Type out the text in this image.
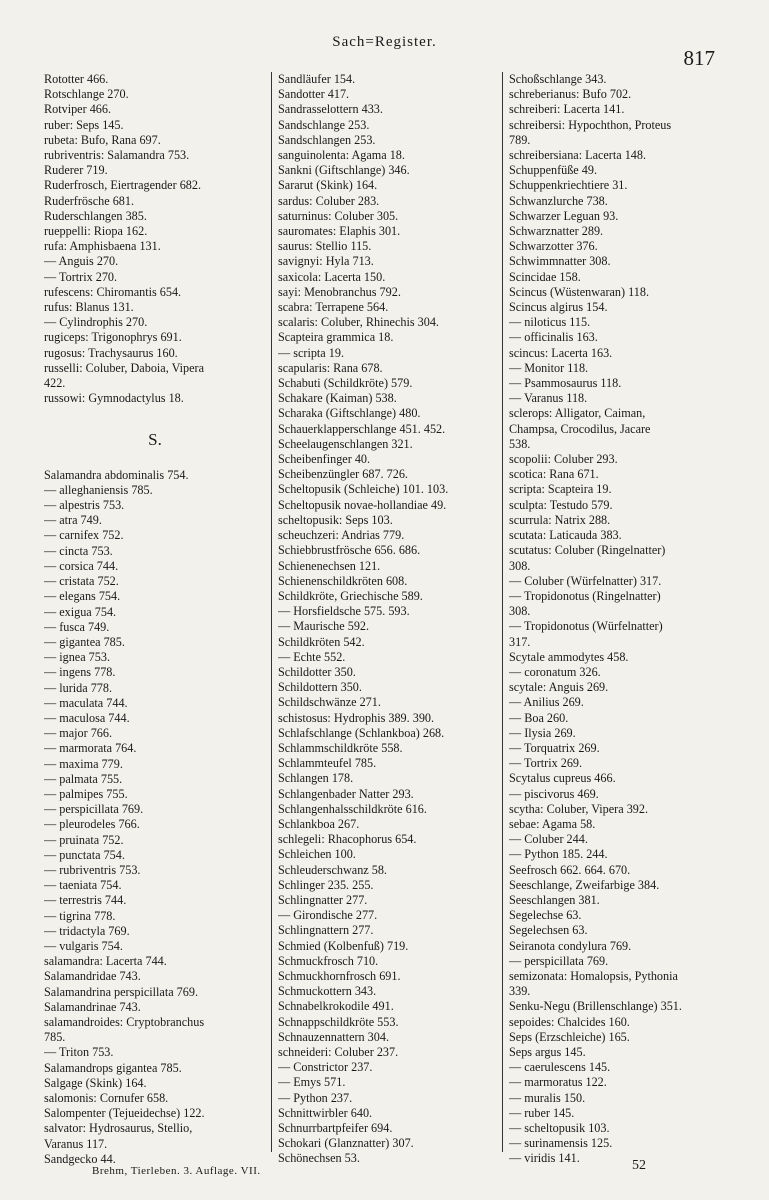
Sach=Register.
817
Rototter 466.
Rotschlange 270.
Rotviper 466.
ruber: Seps 145.
rubeta: Bufo, Rana 697.
rubriventris: Salamandra 753.
Ruderer 719.
Ruderfrosch, Eiertragender 682.
Ruderfrösche 681.
Ruderschlangen 385.
rueppelli: Riopa 162.
rufa: Amphisbaena 131.
— Anguis 270.
— Tortrix 270.
rufescens: Chiromantis 654.
rufus: Blanus 131.
— Cylindrophis 270.
rugiceps: Trigonophrys 691.
rugosus: Trachysaurus 160.
russelli: Coluber, Daboia, Vipera
422.
russowi: Gymnodactylus 18.
S.
Salamandra abdominalis 754.
— alleghaniensis 785.
— alpestris 753.
— atra 749.
— carnifex 752.
— cincta 753.
— corsica 744.
— cristata 752.
— elegans 754.
— exigua 754.
— fusca 749.
— gigantea 785.
— ignea 753.
— ingens 778.
— lurida 778.
— maculata 744.
— maculosa 744.
— major 766.
— marmorata 764.
— maxima 779.
— palmata 755.
— palmipes 755.
— perspicillata 769.
— pleurodeles 766.
— pruinata 752.
— punctata 754.
— rubriventris 753.
— taeniata 754.
— terrestris 744.
— tigrina 778.
— tridactyla 769.
— vulgaris 754.
salamandra: Lacerta 744.
Salamandridae 743.
Salamandrina perspicillata 769.
Salamandrinae 743.
salamandroides: Cryptobranchus
785.
— Triton 753.
Salamandrops gigantea 785.
Salgage (Skink) 164.
salomonis: Cornufer 658.
Salompenter (Tejueidechse) 122.
salvator: Hydrosaurus, Stellio,
Varanus 117.
Sandgecko 44.
Sandläufer 154.
Sandotter 417.
Sandrasselottern 433.
Sandschlange 253.
Sandschlangen 253.
sanguinolenta: Agama 18.
Sankni (Giftschlange) 346.
Sararut (Skink) 164.
sardus: Coluber 283.
saturninus: Coluber 305.
sauromates: Elaphis 301.
saurus: Stellio 115.
savignyi: Hyla 713.
saxicola: Lacerta 150.
sayi: Menobranchus 792.
scabra: Terrapene 564.
scalaris: Coluber, Rhinechis 304.
Scapteira grammica 18.
— scripta 19.
scapularis: Rana 678.
Schabuti (Schildkröte) 579.
Schakare (Kaiman) 538.
Scharaka (Giftschlange) 480.
Schauerklapperschlange 451. 452.
Scheelaugenschlangen 321.
Scheibenfinger 40.
Scheibenzüngler 687. 726.
Scheltopusik (Schleiche) 101. 103.
Scheltopusik novae-hollandiae 49.
scheltopusik: Seps 103.
scheuchzeri: Andrias 779.
Schiebbrustfrösche 656. 686.
Schienenechsen 121.
Schienenschildkröten 608.
Schildkröte, Griechische 589.
— Horsfieldsche 575. 593.
— Maurische 592.
Schildkröten 542.
— Echte 552.
Schildotter 350.
Schildottern 350.
Schildschwänze 271.
schistosus: Hydrophis 389. 390.
Schlafschlange (Schlankboa) 268.
Schlammschildkröte 558.
Schlammteufel 785.
Schlangen 178.
Schlangenbader Natter 293.
Schlangenhalsschildkröte 616.
Schlankboa 267.
schlegeli: Rhacophorus 654.
Schleichen 100.
Schleuderschwanz 58.
Schlinger 235. 255.
Schlingnatter 277.
— Girondische 277.
Schlingnattern 277.
Schmied (Kolbenfuß) 719.
Schmuckfrosch 710.
Schmuckhornfrosch 691.
Schmuckottern 343.
Schnabelkrokodile 491.
Schnappschildkröte 553.
Schnauzennattern 304.
schneideri: Coluber 237.
— Constrictor 237.
— Emys 571.
— Python 237.
Schnittwirbler 640.
Schnurrbartpfeifer 694.
Schokari (Glanznatter) 307.
Schönechsen 53.
Schoßschlange 343.
schreberianus: Bufo 702.
schreiberi: Lacerta 141.
schreibersi: Hypochthon, Proteus
789.
schreibersiana: Lacerta 148.
Schuppenfüße 49.
Schuppenkriechtiere 31.
Schwanzlurche 738.
Schwarzer Leguan 93.
Schwarznatter 289.
Schwarzotter 376.
Schwimmnatter 308.
Scincidae 158.
Scincus (Wüstenwaran) 118.
Scincus algirus 154.
— niloticus 115.
— officinalis 163.
scincus: Lacerta 163.
— Monitor 118.
— Psammosaurus 118.
— Varanus 118.
sclerops: Alligator, Caiman,
Champsa, Crocodilus, Jacare
538.
scopolii: Coluber 293.
scotica: Rana 671.
scripta: Scapteira 19.
sculpta: Testudo 579.
scurrula: Natrix 288.
scutata: Laticauda 383.
scutatus: Coluber (Ringelnatter)
308.
— Coluber (Würfelnatter) 317.
— Tropidonotus (Ringelnatter)
308.
— Tropidonotus (Würfelnatter)
317.
Scytale ammodytes 458.
— coronatum 326.
scytale: Anguis 269.
— Anilius 269.
— Boa 260.
— Ilysia 269.
— Torquatrix 269.
— Tortrix 269.
Scytalus cupreus 466.
— piscivorus 469.
scytha: Coluber, Vipera 392.
sebae: Agama 58.
— Coluber 244.
— Python 185. 244.
Seefrosch 662. 664. 670.
Seeschlange, Zweifarbige 384.
Seeschlangen 381.
Segelechse 63.
Segelechsen 63.
Seiranota condylura 769.
— perspicillata 769.
semizonata: Homalopsis, Pythonia
339.
Senku-Negu (Brillenschlange) 351.
sepoides: Chalcides 160.
Seps (Erzschleiche) 165.
Seps argus 145.
— caerulescens 145.
— marmoratus 122.
— muralis 150.
— ruber 145.
— scheltopusik 103.
— surinamensis 125.
— viridis 141.
Brehm, Tierleben. 3. Auflage. VII.	52
